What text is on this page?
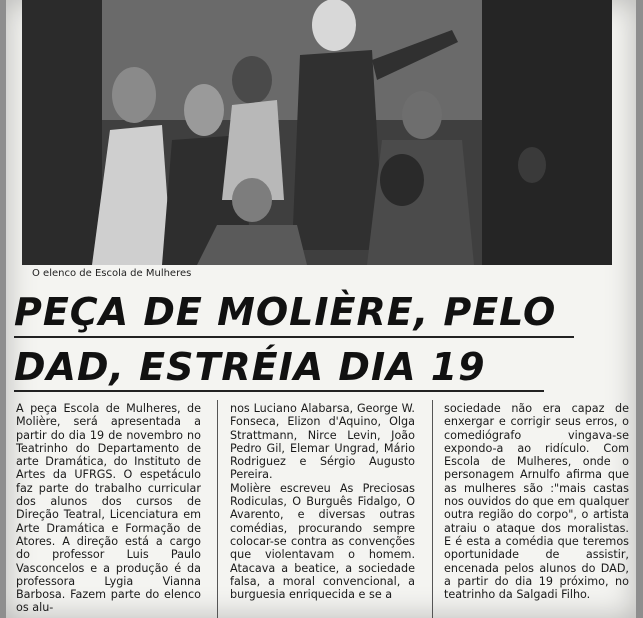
O elenco de Escola de Mulheres
PEÇA DE MOLIÈRE, PELO
DAD, ESTRÉIA DIA 19
A peça Escola de Mulheres, de Molière, será apresentada a partir do dia 19 de novembro no Teatrinho do Departamento de arte Dramática, do Instituto de Artes da UFRGS. O espetáculo faz parte do trabalho curricular dos alunos dos cursos de Direção Teatral, Licenciatura em Arte Dramática e Formação de Atores. A direção está a cargo do professor Luis Paulo Vasconcelos e a produção é da professora Lygia Vianna Barbosa. Fazem parte do elenco os alu-
nos Luciano Alabarsa, George W. Fonseca, Elizon d'Aquino, Olga Strattmann, Nirce Levin, João Pedro Gil, Elemar Ungrad, Mário Rodriguez e Sérgio Augusto Pereira.
Molière escreveu As Preciosas Rodiculas, O Burguês Fidalgo, O Avarento, e diversas outras comédias, procurando sempre colocar-se contra as convenções que violentavam o homem. Atacava a beatice, a sociedade falsa, a moral convencional, a burguesia enriquecida e se a
sociedade não era capaz de enxergar e corrigir seus erros, o comediógrafo vingava-se expondo-a ao ridículo. Com Escola de Mulheres, onde o personagem Arnulfo afirma que as mulheres são :"mais castas nos ouvidos do que em qualquer outra região do corpo", o artista atraiu o ataque dos moralistas. E é esta a comédia que teremos oportunidade de assistir, encenada pelos alunos do DAD, a partir do dia 19 próximo, no teatrinho da Salgadi Filho.
